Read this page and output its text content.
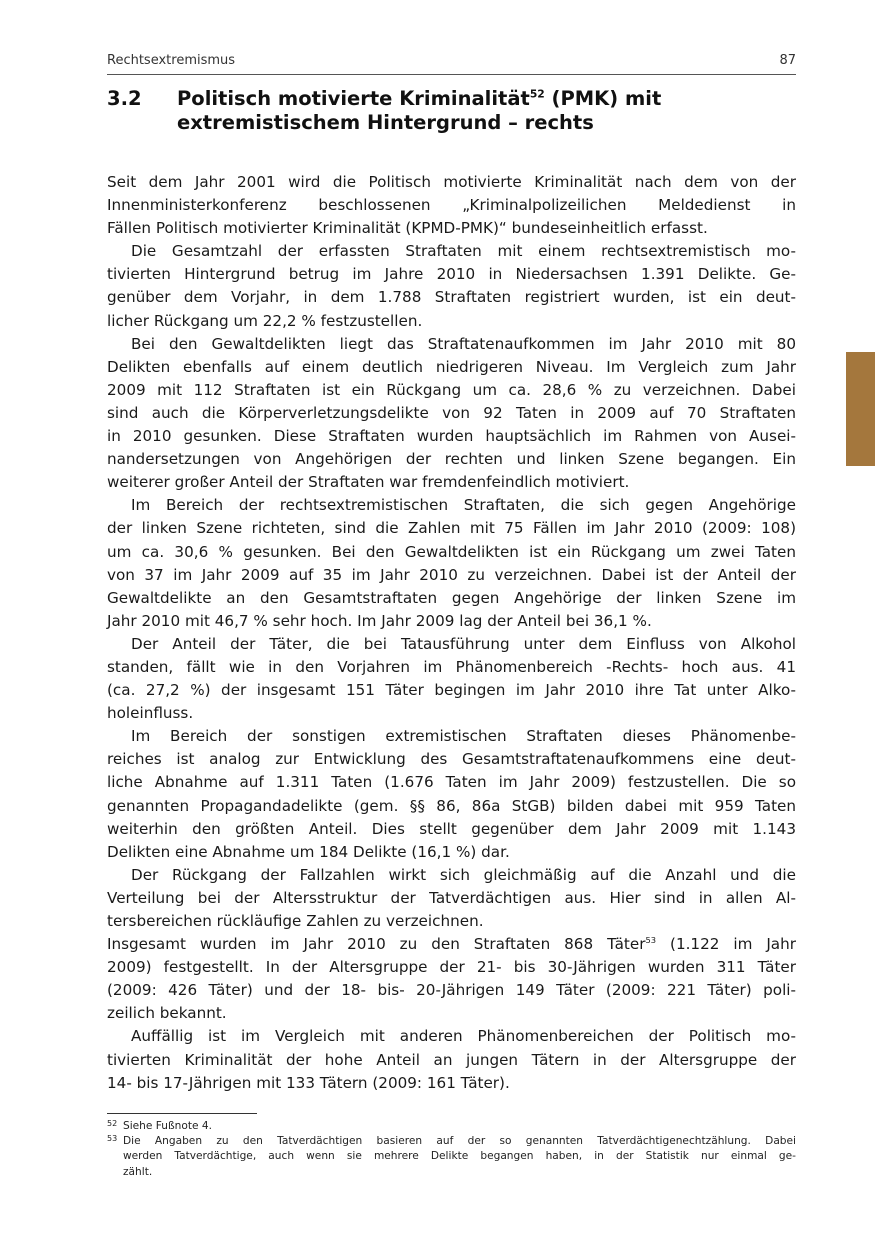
Rechtsextremismus	87
3.2 Politisch motivierte Kriminalität$^{52}$ (PMK) mit
extremistischem Hintergrund – rechts
Seit dem Jahr 2001 wird die Politisch motivierte Kriminalität nach dem von der
Innenministerkonferenz beschlossenen „Kriminalpolizeilichen Meldedienst in
Fällen Politisch motivierter Kriminalität (KPMD-PMK)“ bundeseinheitlich erfasst.
Die Gesamtzahl der erfassten Straftaten mit einem rechtsextremistisch mo-
tivierten Hintergrund betrug im Jahre 2010 in Niedersachsen 1.391 Delikte. Ge-
genüber dem Vorjahr, in dem 1.788 Straftaten registriert wurden, ist ein deut-
licher Rückgang um 22,2 % festzustellen.
Bei den Gewaltdelikten liegt das Straftatenaufkommen im Jahr 2010 mit 80
Delikten ebenfalls auf einem deutlich niedrigeren Niveau. Im Vergleich zum Jahr
2009 mit 112 Straftaten ist ein Rückgang um ca. 28,6 % zu verzeichnen. Dabei
sind auch die Körperverletzungsdelikte von 92 Taten in 2009 auf 70 Straftaten
in 2010 gesunken. Diese Straftaten wurden hauptsächlich im Rahmen von Ausei-
nandersetzungen von Angehörigen der rechten und linken Szene begangen. Ein
weiterer großer Anteil der Straftaten war fremdenfeindlich motiviert.
Im Bereich der rechtsextremistischen Straftaten, die sich gegen Angehörige
der linken Szene richteten, sind die Zahlen mit 75 Fällen im Jahr 2010 (2009: 108)
um ca. 30,6 % gesunken. Bei den Gewaltdelikten ist ein Rückgang um zwei Taten
von 37 im Jahr 2009 auf 35 im Jahr 2010 zu verzeichnen. Dabei ist der Anteil der
Gewaltdelikte an den Gesamtstraftaten gegen Angehörige der linken Szene im
Jahr 2010 mit 46,7 % sehr hoch. Im Jahr 2009 lag der Anteil bei 36,1 %.
Der Anteil der Täter, die bei Tatausführung unter dem Einfluss von Alkohol
standen, fällt wie in den Vorjahren im Phänomenbereich -Rechts- hoch aus. 41
(ca. 27,2 %) der insgesamt 151 Täter begingen im Jahr 2010 ihre Tat unter Alko-
holeinfluss.
Im Bereich der sonstigen extremistischen Straftaten dieses Phänomenbe-
reiches ist analog zur Entwicklung des Gesamtstraftatenaufkommens eine deut-
liche Abnahme auf 1.311 Taten (1.676 Taten im Jahr 2009) festzustellen. Die so
genannten Propagandadelikte (gem. §§ 86, 86a StGB) bilden dabei mit 959 Taten
weiterhin den größten Anteil. Dies stellt gegenüber dem Jahr 2009 mit 1.143
Delikten eine Abnahme um 184 Delikte (16,1 %) dar.
Der Rückgang der Fallzahlen wirkt sich gleichmäßig auf die Anzahl und die
Verteilung bei der Altersstruktur der Tatverdächtigen aus. Hier sind in allen Al-
tersbereichen rückläufige Zahlen zu verzeichnen.
Insgesamt wurden im Jahr 2010 zu den Straftaten 868 Täter$^{53}$ (1.122 im Jahr
2009) festgestellt. In der Altersgruppe der 21- bis 30-Jährigen wurden 311 Täter
(2009: 426 Täter) und der 18- bis- 20-Jährigen 149 Täter (2009: 221 Täter) poli-
zeilich bekannt.
Auffällig ist im Vergleich mit anderen Phänomenbereichen der Politisch mo-
tivierten Kriminalität der hohe Anteil an jungen Tätern in der Altersgruppe der
14- bis 17-Jährigen mit 133 Tätern (2009: 161 Täter).
52 Siehe Fußnote 4.
53 Die Angaben zu den Tatverdächtigen basieren auf der so genannten Tatverdächtigenechtzählung. Dabei
werden Tatverdächtige, auch wenn sie mehrere Delikte begangen haben, in der Statistik nur einmal ge-
zählt.
